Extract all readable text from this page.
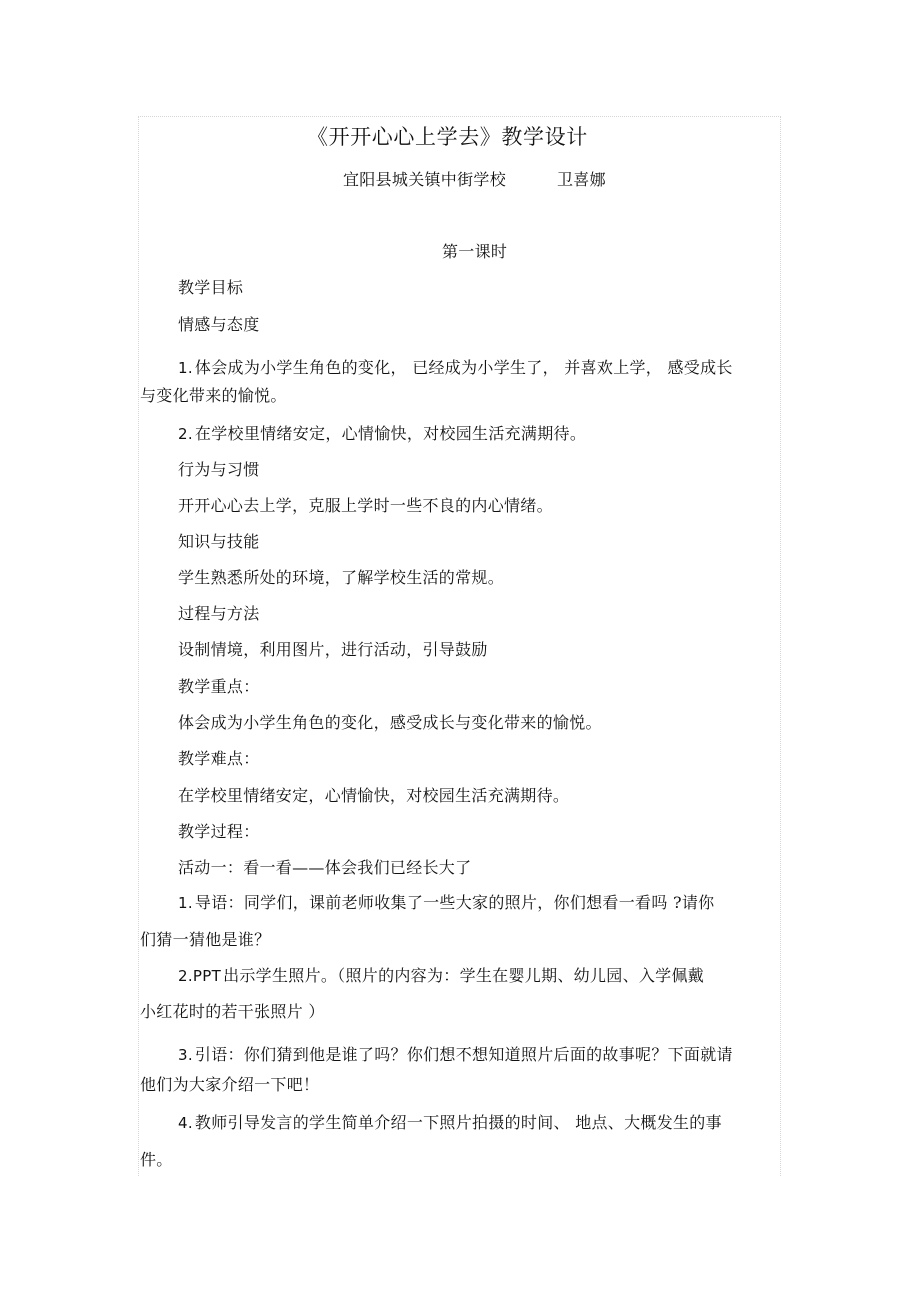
《开开心心上学去》教学设计
宜阳县城关镇中街学校	卫喜娜
第一课时
教学目标
情感与态度
1. 体会成为小学生角色的变化， 已经成为小学生了， 并喜欢上学， 感受成长
与变化带来的愉悦。
2. 在学校里情绪安定，心情愉快，对校园生活充满期待。
行为与习惯
开开心心去上学，克服上学时一些不良的内心情绪。
知识与技能
学生熟悉所处的环境，了解学校生活的常规。
过程与方法
设制情境，利用图片，进行活动，引导鼓励
教学重点：
体会成为小学生角色的变化，感受成长与变化带来的愉悦。
教学难点：
在学校里情绪安定，心情愉快，对校园生活充满期待。
教学过程：
活动一：看一看——体会我们已经长大了
1. 导语：同学们，课前老师收集了一些大家的照片，你们想看一看吗 ?请你
们猜一猜他是谁？
2.PPT 出示学生照片。（照片的内容为：学生在婴儿期、幼儿园、入学佩戴
小红花时的若干张照片 ）
3. 引语：你们猜到他是谁了吗？你们想不想知道照片后面的故事呢？下面就请
他们为大家介绍一下吧！
4. 教师引导发言的学生简单介绍一下照片拍摄的时间、 地点、大概发生的事
件。
